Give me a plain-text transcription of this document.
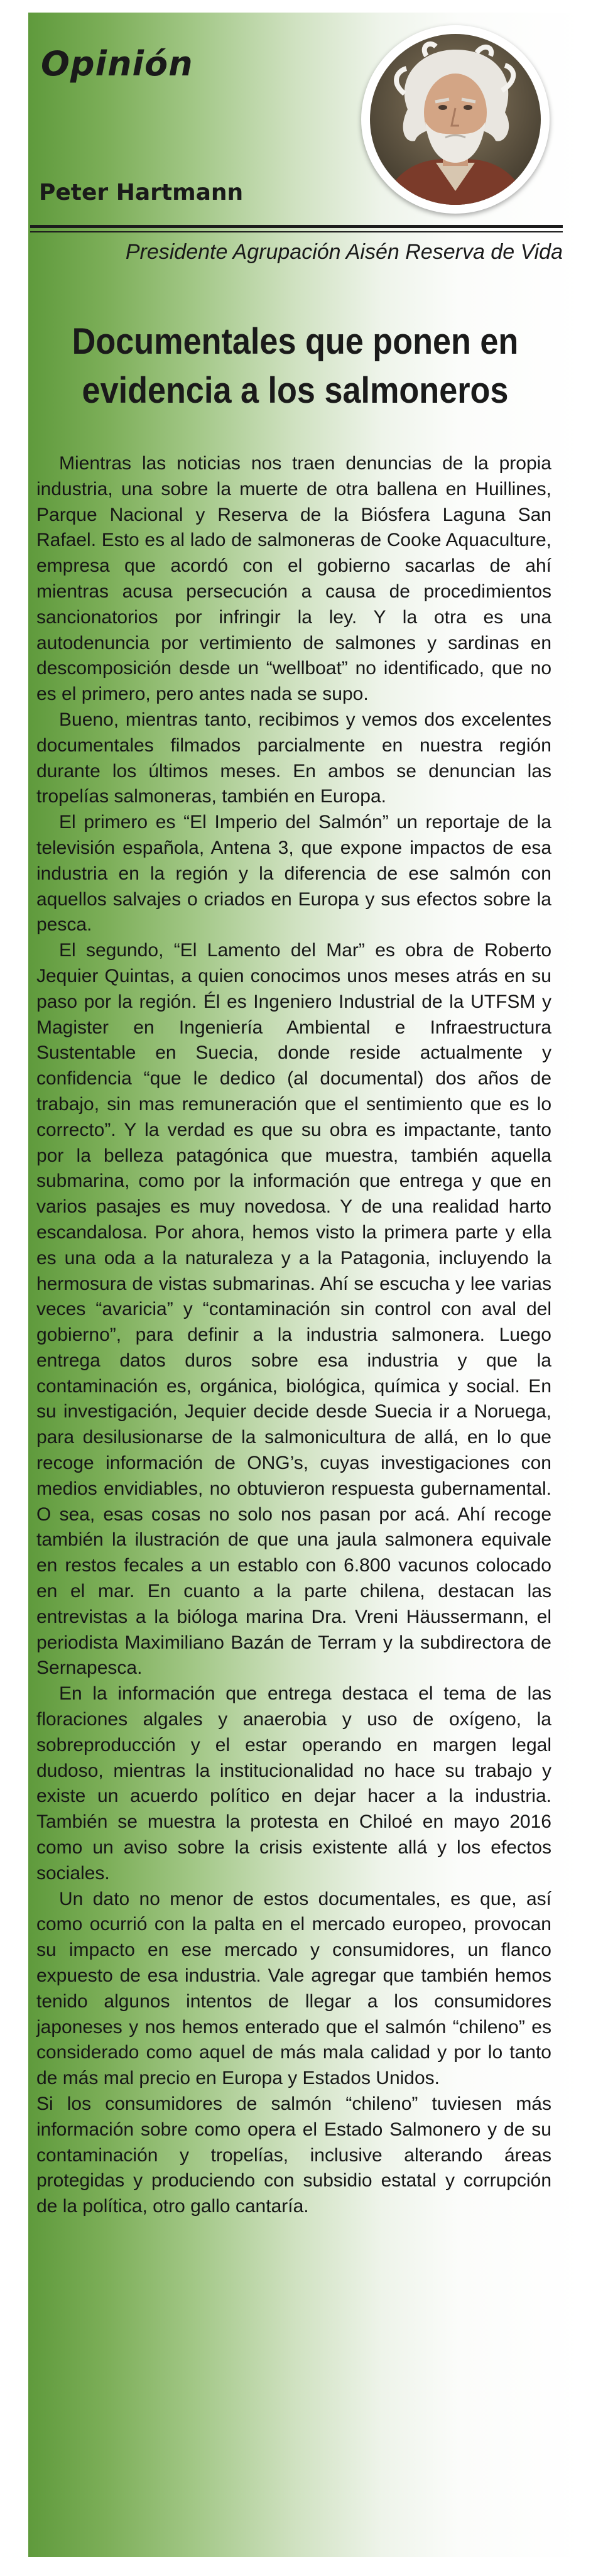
Opinión
Peter Hartmann

Presidente Agrupación Aisén Reserva de Vida

Documentales que ponen en evidencia a los salmoneros

Mientras las noticias nos traen denuncias de la propia industria, una sobre la muerte de otra ballena en Huillines, Parque Nacional y Reserva de la Biósfera Laguna San Rafael. Esto es al lado de salmoneras de Cooke Aquaculture, empresa que acordó con el gobierno sacarlas de ahí mientras acusa persecución a causa de procedimientos sancionatorios por infringir la ley. Y la otra es una autodenuncia por vertimiento de salmones y sardinas en descomposición desde un “wellboat” no identificado, que no es el primero, pero antes nada se supo.

Bueno, mientras tanto, recibimos y vemos dos excelentes documentales filmados parcialmente en nuestra región durante los últimos meses. En ambos se denuncian las tropelías salmoneras, también en Europa.

El primero es “El Imperio del Salmón” un reportaje de la televisión española, Antena 3, que expone impactos de esa industria en la región y la diferencia de ese salmón con aquellos salvajes o criados en Europa y sus efectos sobre la pesca.

El segundo, “El Lamento del Mar” es obra de Roberto Jequier Quintas, a quien conocimos unos meses atrás en su paso por la región. Él es Ingeniero Industrial de la UTFSM y Magister en Ingeniería Ambiental e Infraestructura Sustentable en Suecia, donde reside actualmente y confidencia “que le dedico (al documental) dos años de trabajo, sin mas remuneración que el sentimiento que es lo correcto”. Y la verdad es que su obra es impactante, tanto por la belleza patagónica que muestra, también aquella submarina, como por la información que entrega y que en varios pasajes es muy novedosa. Y de una realidad harto escandalosa. Por ahora, hemos visto la primera parte y ella es una oda a la naturaleza y a la Patagonia, incluyendo la hermosura de vistas submarinas. Ahí se escucha y lee varias veces “avaricia” y “contaminación sin control con aval del gobierno”, para definir a la industria salmonera. Luego entrega datos duros sobre esa industria y que la contaminación es, orgánica, biológica, química y social. En su investigación, Jequier decide desde Suecia ir a Noruega, para desilusionarse de la salmonicultura de allá, en lo que recoge información de ONG’s, cuyas investigaciones con medios envidiables, no obtuvieron respuesta gubernamental. O sea, esas cosas no solo nos pasan por acá. Ahí recoge también la ilustración de que una jaula salmonera equivale en restos fecales a un establo con 6.800 vacunos colocado en el mar. En cuanto a la parte chilena, destacan las entrevistas a la bióloga marina Dra. Vreni Häussermann, el periodista Maximiliano Bazán de Terram y la subdirectora de Sernapesca.

En la información que entrega destaca el tema de las floraciones algales y anaerobia y uso de oxígeno, la sobreproducción y el estar operando en margen legal dudoso, mientras la institucionalidad no hace su trabajo y existe un acuerdo político en dejar hacer a la industria. También se muestra la protesta en Chiloé en mayo 2016 como un aviso sobre la crisis existente allá y los efectos sociales.

Un dato no menor de estos documentales, es que, así como ocurrió con la palta en el mercado europeo, provocan su impacto en ese mercado y consumidores, un flanco expuesto de esa industria. Vale agregar que también hemos tenido algunos intentos de llegar a los consumidores japoneses y nos hemos enterado que el salmón “chileno” es considerado como aquel de más mala calidad y por lo tanto de más mal precio en Europa y Estados Unidos.

Si los consumidores de salmón “chileno” tuviesen más información sobre como opera el Estado Salmonero y de su contaminación y tropelías, inclusive alterando áreas protegidas y produciendo con subsidio estatal y corrupción de la política, otro gallo cantaría.
